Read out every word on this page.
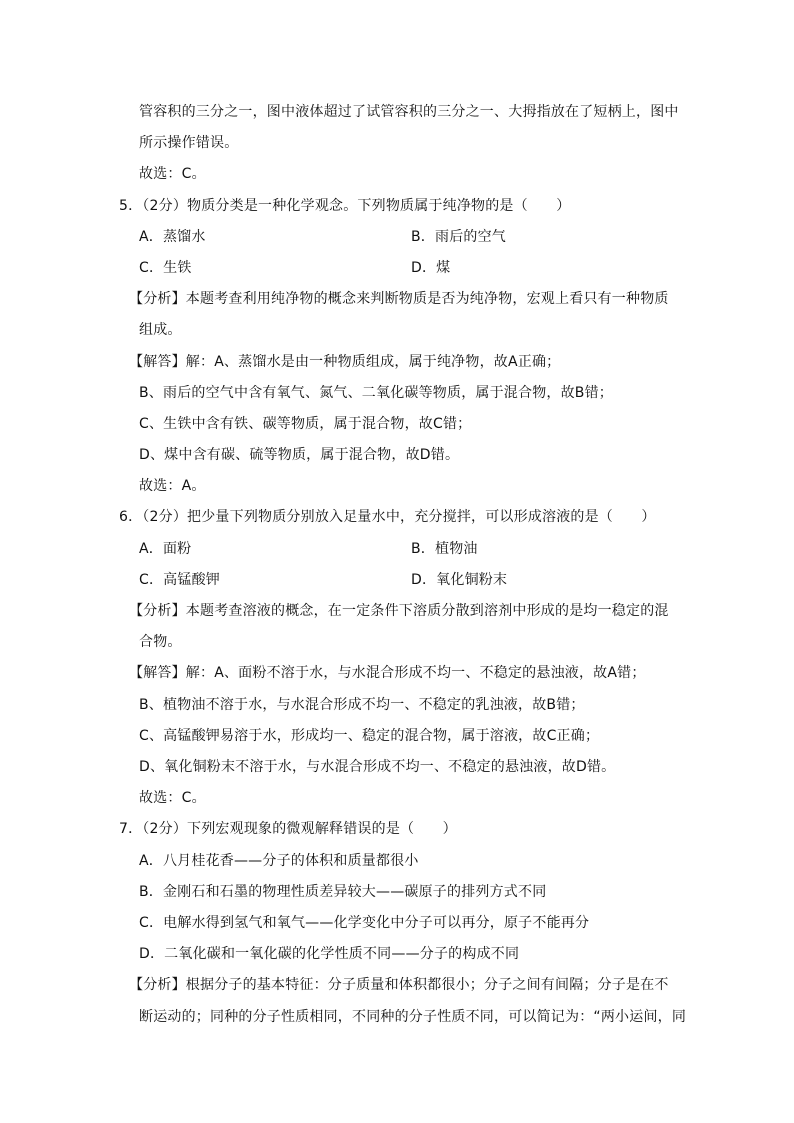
管容积的三分之一，图中液体超过了试管容积的三分之一、大拇指放在了短柄上，图中
所示操作错误。
故选：C。
5．（2分）物质分类是一种化学观念。下列物质属于纯净物的是（　　）
A．蒸馏水	B．雨后的空气
C．生铁	D．煤
【分析】本题考查利用纯净物的概念来判断物质是否为纯净物，宏观上看只有一种物质
组成。
【解答】解：A、蒸馏水是由一种物质组成，属于纯净物，故A正确；
B、雨后的空气中含有氧气、氮气、二氧化碳等物质，属于混合物，故B错；
C、生铁中含有铁、碳等物质，属于混合物，故C错；
D、煤中含有碳、硫等物质，属于混合物，故D错。
故选：A。
6．（2分）把少量下列物质分别放入足量水中，充分搅拌，可以形成溶液的是（　　）
A．面粉	B．植物油
C．高锰酸钾	D．氧化铜粉末
【分析】本题考查溶液的概念，在一定条件下溶质分散到溶剂中形成的是均一稳定的混
合物。
【解答】解：A、面粉不溶于水，与水混合形成不均一、不稳定的悬浊液，故A错；
B、植物油不溶于水，与水混合形成不均一、不稳定的乳浊液，故B错；
C、高锰酸钾易溶于水，形成均一、稳定的混合物，属于溶液，故C正确；
D、氧化铜粉末不溶于水，与水混合形成不均一、不稳定的悬浊液，故D错。
故选：C。
7．（2分）下列宏观现象的微观解释错误的是（　　）
A．八月桂花香——分子的体积和质量都很小
B．金刚石和石墨的物理性质差异较大——碳原子的排列方式不同
C．电解水得到氢气和氧气——化学变化中分子可以再分，原子不能再分
D．二氧化碳和一氧化碳的化学性质不同——分子的构成不同
【分析】根据分子的基本特征：分子质量和体积都很小；分子之间有间隔；分子是在不
断运动的；同种的分子性质相同，不同种的分子性质不同，可以简记为：“两小运间，同
